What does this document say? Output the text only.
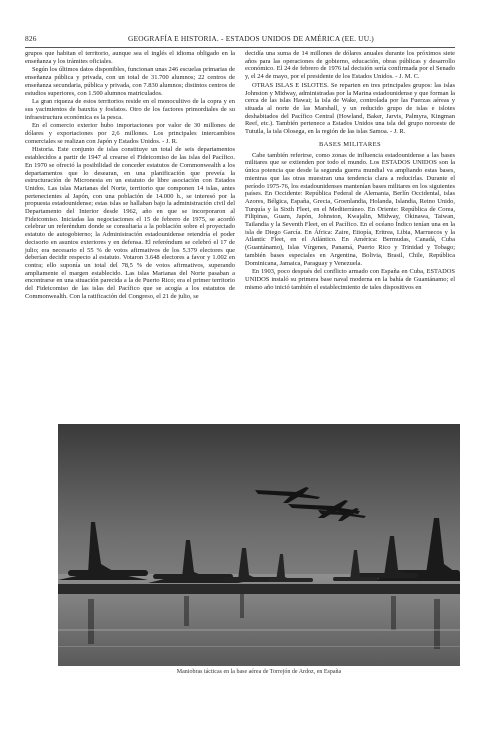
826	GEOGRAFÍA E HISTORIA. - ESTADOS UNIDOS DE AMÉRICA (EE. UU.)

grupos que habitan el territorio, aunque sea el inglés el idioma obligado en la enseñanza y los trámites oficiales.

Según los últimos datos disponibles, funcionan unas 246 escuelas primarias de enseñanza pública y privada, con un total de 31.700 alumnos; 22 centros de enseñanza secundaria, pública y privada, con 7.830 alumnos; distintos centros de estudios superiores, con 1.500 alumnos matriculados.

La gran riqueza de estos territorios reside en el monocultivo de la copra y en sus yacimientos de bauxita y fosfatos. Otro de los factores primordiales de su infraestructura económica es la pesca.

En el comercio exterior hubo importaciones por valor de 30 millones de dólares y exportaciones por 2,6 millones. Los principales intercambios comerciales se realizan con Japón y Estados Unidos. - J. R.

Historia. Este conjunto de islas constituye un total de seis departamentos establecidos a partir de 1947 al crearse el Fideicomiso de las islas del Pacífico. En 1970 se ofreció la posibilidad de conceder estatutos de Commonwealth a los departamentos que lo desearan, en una planificación que preveía la estructuración de Micronesia en un estatuto de libre asociación con Estados Unidos. Las islas Marianas del Norte, territorio que componen 14 islas, antes pertenecientes al Japón, con una población de 14.000 h., se interesó por la propuesta estadounidense; estas islas se hallaban bajo la administración civil del Departamento del Interior desde 1962, año en que se incorporaron al Fideicomiso. Iniciadas las negociaciones el 15 de febrero de 1975, se acordó celebrar un referéndum donde se consultaría a la población sobre el proyectado estatuto de autogobierno; la Administración estadounidense retendría el poder decisorio en asuntos exteriores y en defensa. El referéndum se celebró el 17 de julio; era necesario el 55 % de votos afirmativos de los 5.379 electores que deberían decidir respecto al estatuto. Votaron 3.648 electores a favor y 1.002 en contra; ello suponía un total del 78,5 % de votos afirmativos, superando ampliamente el margen establecido. Las islas Marianas del Norte pasaban a encontrarse en una situación parecida a la de Puerto Rico; era el primer territorio del Fideicomiso de las islas del Pacífico que se acogía a los estatutos de Commonwealth. Con la ratificación del Congreso, el 21 de julio, se

decidía una suma de 14 millones de dólares anuales durante los próximos siete años para las operaciones de gobierno, educación, obras públicas y desarrollo económico. El 24 de febrero de 1976 tal decisión sería confirmada por el Senado y, el 24 de mayo, por el presidente de los Estados Unidos. - J. M. C.

OTRAS ISLAS E ISLOTES. Se reparten en tres principales grupos: las islas Johnston y Midway, administradas por la Marina estadounidense y que forman la cerca de las islas Hawai; la isla de Wake, controlada por las Fuerzas aéreas y situada al norte de las Marshall, y un reducido grupo de islas e islotes deshabitados del Pacífico Central (Howland, Baker, Jarvis, Palmyra, Kingman Reef, etc.). También pertenece a Estados Unidos una isla del grupo noroeste de Tutuila, la isla Olosega, en la región de las islas Samoa. - J. R.

BASES MILITARES

Cabe también referirse, como zonas de influencia estadounidense a las bases militares que se extienden por todo el mundo. Los ESTADOS UNIDOS son la única potencia que desde la segunda guerra mundial va ampliando estas bases, mientras que las otras muestran una tendencia clara a reducirlas. Durante el período 1975-76, los estadounidenses mantenían bases militares en los siguientes países. En Occidente: República Federal de Alemania, Berlín Occidental, islas Azores, Bélgica, España, Grecia, Groenlandia, Holanda, Islandia, Reino Unido, Turquía y la Sixth Fleet, en el Mediterráneo. En Oriente: República de Corea, Filipinas, Guam, Japón, Johnston, Kwajalin, Midway, Okinawa, Taiwan, Tailandia y la Seventh Fleet, en el Pacífico. En el océano Índico tenían una en la isla de Diego García. En África: Zaire, Etiopía, Eritrea, Libia, Marruecos y la Atlantic Fleet, en el Atlántico. En América: Bermudas, Canadá, Cuba (Guantánamo), Islas Vírgenes, Panamá, Puerto Rico y Trinidad y Tobago; también bases especiales en Argentina, Bolivia, Brasil, Chile, República Dominicana, Jamaica, Paraguay y Venezuela.

En 1903, poco después del conflicto armado con España en Cuba, ESTADOS UNIDOS instaló su primera base naval moderna en la bahía de Guantánamo; el mismo año inició también el establecimiento de tales dispositivos en

Maniobras tácticas en la base aérea de Torrejón de Ardoz, en España
